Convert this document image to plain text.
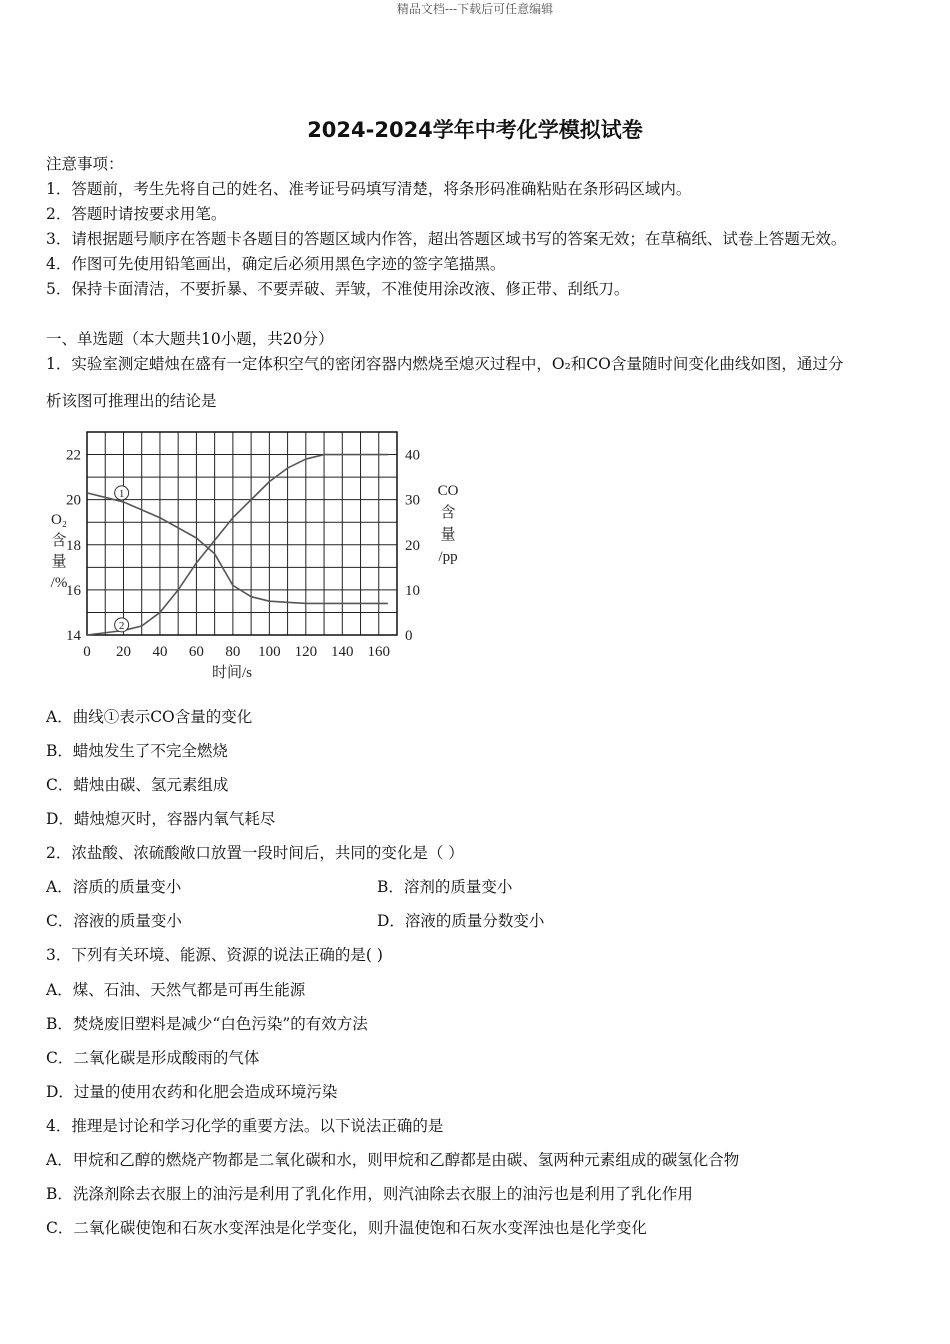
精品文档---下载后可任意编辑
2024-2024学年中考化学模拟试卷
注意事项：
1．答题前，考生先将自己的姓名、准考证号码填写清楚，将条形码准确粘贴在条形码区域内。
2．答题时请按要求用笔。
3．请根据题号顺序在答题卡各题目的答题区域内作答，超出答题区域书写的答案无效；在草稿纸、试卷上答题无效。
4．作图可先使用铅笔画出，确定后必须用黑色字迹的签字笔描黑。
5．保持卡面清洁，不要折暴、不要弄破、弄皱，不准使用涂改液、修正带、刮纸刀。
一、单选题（本大题共10小题，共20分）
1．实验室测定蜡烛在盛有一定体积空气的密闭容器内燃烧至熄灭过程中，O₂和CO含量随时间变化曲线如图，通过分
析该图可推理出的结论是
0 20 40 60 80 100 120 140 160
14
16
18
20
22
0
10
20
30
40
时间/s
O₂
含
量
/%
CO
含
量
/pp
1
2
A．曲线①表示CO含量的变化
B．蜡烛发生了不完全燃烧
C．蜡烛由碳、氢元素组成
D．蜡烛熄灭时，容器内氧气耗尽
2．浓盐酸、浓硫酸敞口放置一段时间后，共同的变化是（ ）
A．溶质的质量变小	B．溶剂的质量变小
C．溶液的质量变小	D．溶液的质量分数变小
3．下列有关环境、能源、资源的说法正确的是( )
A．煤、石油、天然气都是可再生能源
B．焚烧废旧塑料是减少“白色污染”的有效方法
C．二氧化碳是形成酸雨的气体
D．过量的使用农药和化肥会造成环境污染
4．推理是讨论和学习化学的重要方法。以下说法正确的是
A．甲烷和乙醇的燃烧产物都是二氧化碳和水，则甲烷和乙醇都是由碳、氢两种元素组成的碳氢化合物
B．洗涤剂除去衣服上的油污是利用了乳化作用，则汽油除去衣服上的油污也是利用了乳化作用
C．二氧化碳使饱和石灰水变浑浊是化学变化，则升温使饱和石灰水变浑浊也是化学变化
